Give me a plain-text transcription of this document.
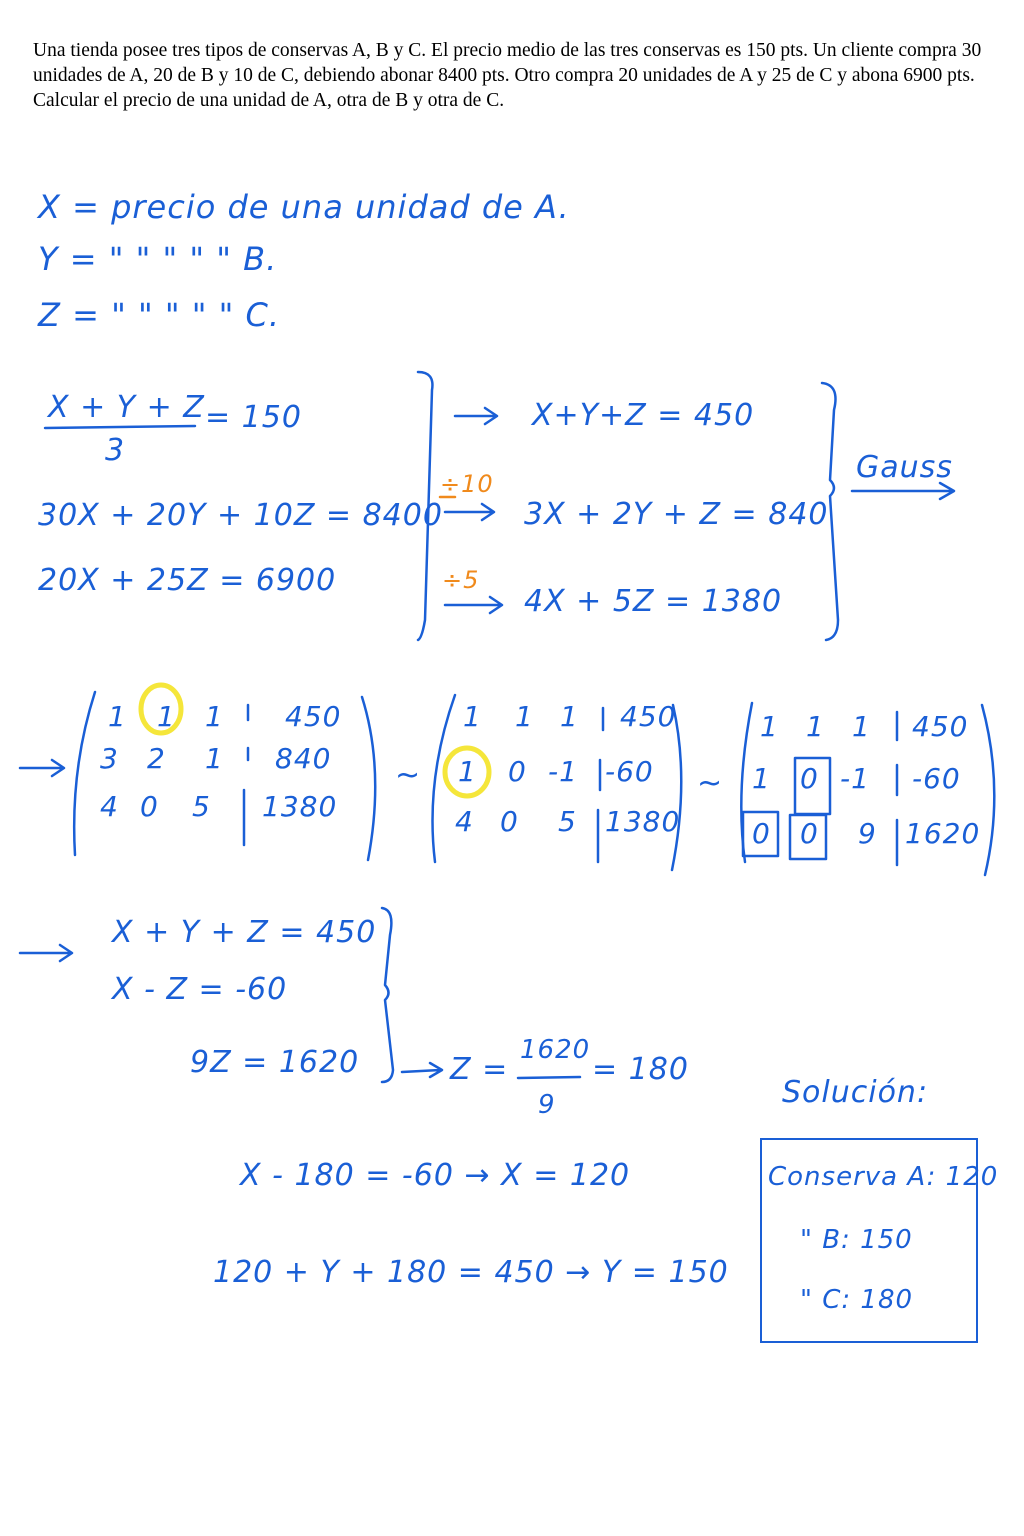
Una tienda posee tres tipos de conservas A, B y C. El precio medio de las tres conservas es 150 pts. Un cliente compra 30 unidades de A, 20 de B y 10 de C, debiendo abonar 8400 pts. Otro compra 20 unidades de A y 25 de C y abona 6900 pts. Calcular el precio de una unidad de A, otra de B y otra de C.
X = precio de una unidad de A.
Y = " " " " " B.
Z = " " " " " C.
X + Y + Z
3
= 150
30X + 20Y + 10Z = 8400
20X + 25Z = 6900
÷10
÷5
X+Y+Z = 450
3X + 2Y + Z = 840
4X + 5Z = 1380
Gauss
1 1 1 450
3 2 1 840
4 0 5 1380
~
1 1 1 450
1 0 -1 -60
4 0 5 1380
~
1 1 1 450
1 0 -1 -60
0 0 9 1620
X + Y + Z = 450
X - Z = -60
9Z = 1620	Z =
1620
9
= 180
X - 180 = -60 → X = 120
120 + Y + 180 = 450 → Y = 150
Solución:
Conserva A: 120
" B: 150
" C: 180
